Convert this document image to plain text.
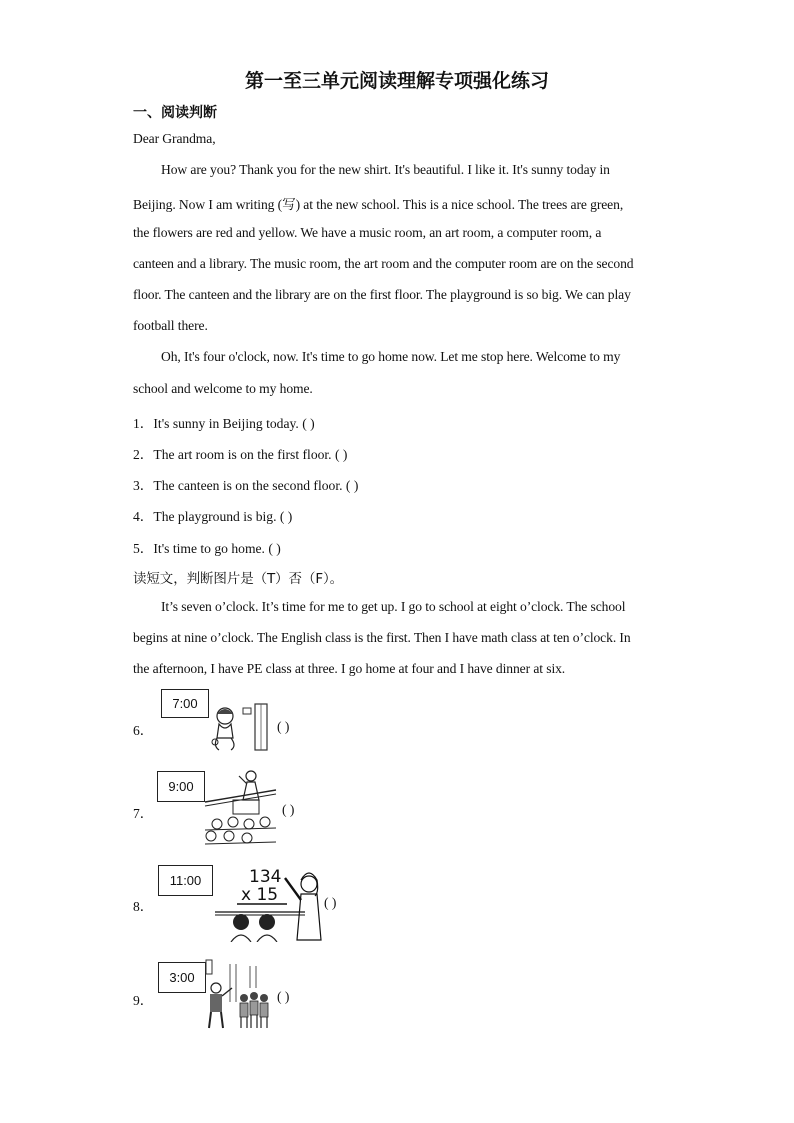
第一至三单元阅读理解专项强化练习
一、阅读判断
Dear Grandma,
How are you? Thank you for the new shirt. It's beautiful. I like it. It's sunny today in
Beijing. Now I am writing (写) at the new school. This is a nice school. The trees are green,
the flowers are red and yellow. We have a music room, an art room, a computer room, a
canteen and a library. The music room, the art room and the computer room are on the second
floor. The canteen and the library are on the first floor. The playground is so big. We can play
football there.
Oh, It's four o'clock, now. It's time to go home now. Let me stop here. Welcome to my
school and welcome to my home.
1．It's sunny in Beijing today. ( )
2．The art room is on the first floor. ( )
3．The canteen is on the second floor. ( )
4．The playground is big. ( )
5．It's time to go home. ( )
读短文，判断图片是（T）否（F）。
It’s seven o’clock. It’s time for me to get up. I go to school at eight o’clock. The school
begins at nine o’clock. The English class is the first. Then I have math class at ten o’clock. In
the afternoon, I have PE class at three. I go home at four and I have dinner at six.
6．
7:00
( )
7．
9:00
( )
8．
11:00	134
x 15	( )
9．
3:00
( )
